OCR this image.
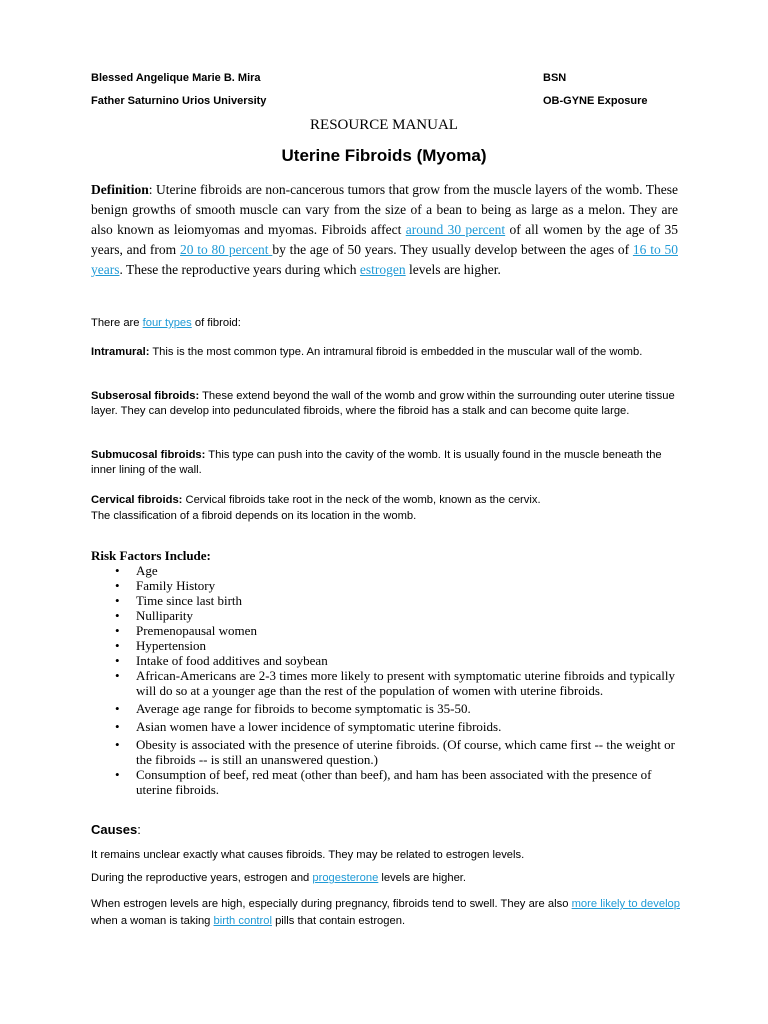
Blessed Angelique Marie B. Mira	BSN
Father Saturnino Urios University	OB-GYNE Exposure
RESOURCE MANUAL
Uterine Fibroids (Myoma)
Definition: Uterine fibroids are non-cancerous tumors that grow from the muscle layers of the womb. These benign growths of smooth muscle can vary from the size of a bean to being as large as a melon. They are also known as leiomyomas and myomas. Fibroids affect around 30 percent of all women by the age of 35 years, and from 20 to 80 percent by the age of 50 years. They usually develop between the ages of 16 to 50 years. These the reproductive years during which estrogen levels are higher.
There are four types of fibroid:
Intramural: This is the most common type. An intramural fibroid is embedded in the muscular wall of the womb.
Subserosal fibroids: These extend beyond the wall of the womb and grow within the surrounding outer uterine tissue layer. They can develop into pedunculated fibroids, where the fibroid has a stalk and can become quite large.
Submucosal fibroids: This type can push into the cavity of the womb. It is usually found in the muscle beneath the inner lining of the wall.
Cervical fibroids: Cervical fibroids take root in the neck of the womb, known as the cervix.
The classification of a fibroid depends on its location in the womb.
Risk Factors Include:
• Age
• Family History
• Time since last birth
• Nulliparity
• Premenopausal women
• Hypertension
• Intake of food additives and soybean
• African-Americans are 2-3 times more likely to present with symptomatic uterine fibroids and typically will do so at a younger age than the rest of the population of women with uterine fibroids.
• Average age range for fibroids to become symptomatic is 35-50.
• Asian women have a lower incidence of symptomatic uterine fibroids.
• Obesity is associated with the presence of uterine fibroids. (Of course, which came first -- the weight or the fibroids -- is still an unanswered question.)
• Consumption of beef, red meat (other than beef), and ham has been associated with the presence of uterine fibroids.
Causes:
It remains unclear exactly what causes fibroids. They may be related to estrogen levels.
During the reproductive years, estrogen and progesterone levels are higher.
When estrogen levels are high, especially during pregnancy, fibroids tend to swell. They are also more likely to develop when a woman is taking birth control pills that contain estrogen.
